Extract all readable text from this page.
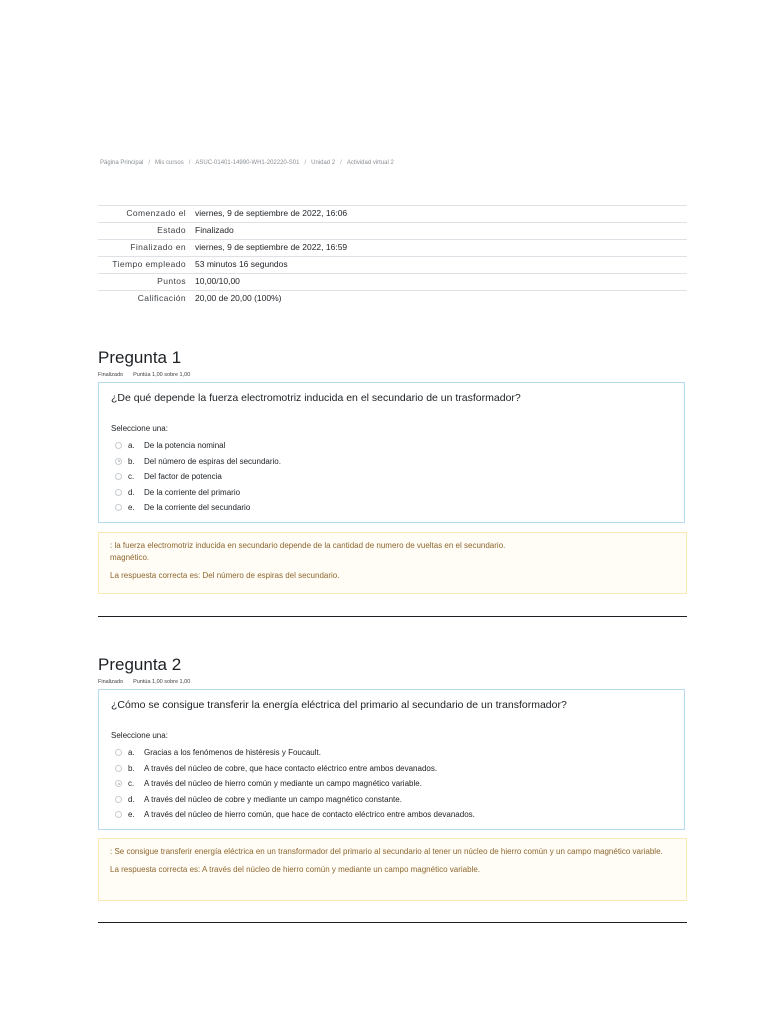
Página Principal / Mis cursos / ASUC-01401-14990-WH1-202220-S01 / Unidad 2 / Actividad virtual 2
Comenzado el	viernes, 9 de septiembre de 2022, 16:06
Estado	Finalizado
Finalizado en	viernes, 9 de septiembre de 2022, 16:59
Tiempo empleado	53 minutos 16 segundos
Puntos	10,00/10,00
Calificación	20,00 de 20,00 (100%)
Pregunta 1
Finalizado Puntúa 1,00 sobre 1,00
¿De qué depende la fuerza electromotriz inducida en el secundario de un trasformador?
Seleccione una:
a.	De la potencia nominal
b.	Del número de espiras del secundario.
c.	Del factor de potencia
d.	De la corriente del primario
e.	De la corriente del secundario

: la fuerza electromotriz inducida en secundario depende de la cantidad de numero de vueltas en el secundario.

magnético.

La respuesta correcta es: Del número de espiras del secundario.

Pregunta 2
Finalizado Puntúa 1,00 sobre 1,00
¿Cómo se consigue transferir la energía eléctrica del primario al secundario de un transformador?
Seleccione una:
a.	Gracias a los fenómenos de histéresis y Foucault.
b.	A través del núcleo de cobre, que hace contacto eléctrico entre ambos devanados.
c.	A través del núcleo de hierro común y mediante un campo magnético variable.
d.	A través del núcleo de cobre y mediante un campo magnético constante.
e.	A través del núcleo de hierro común, que hace de contacto eléctrico entre ambos devanados.

: Se consigue transferir energía eléctrica en un transformador del primario al secundario al tener un núcleo de hierro común y un campo magnético variable.

La respuesta correcta es: A través del núcleo de hierro común y mediante un campo magnético variable.
